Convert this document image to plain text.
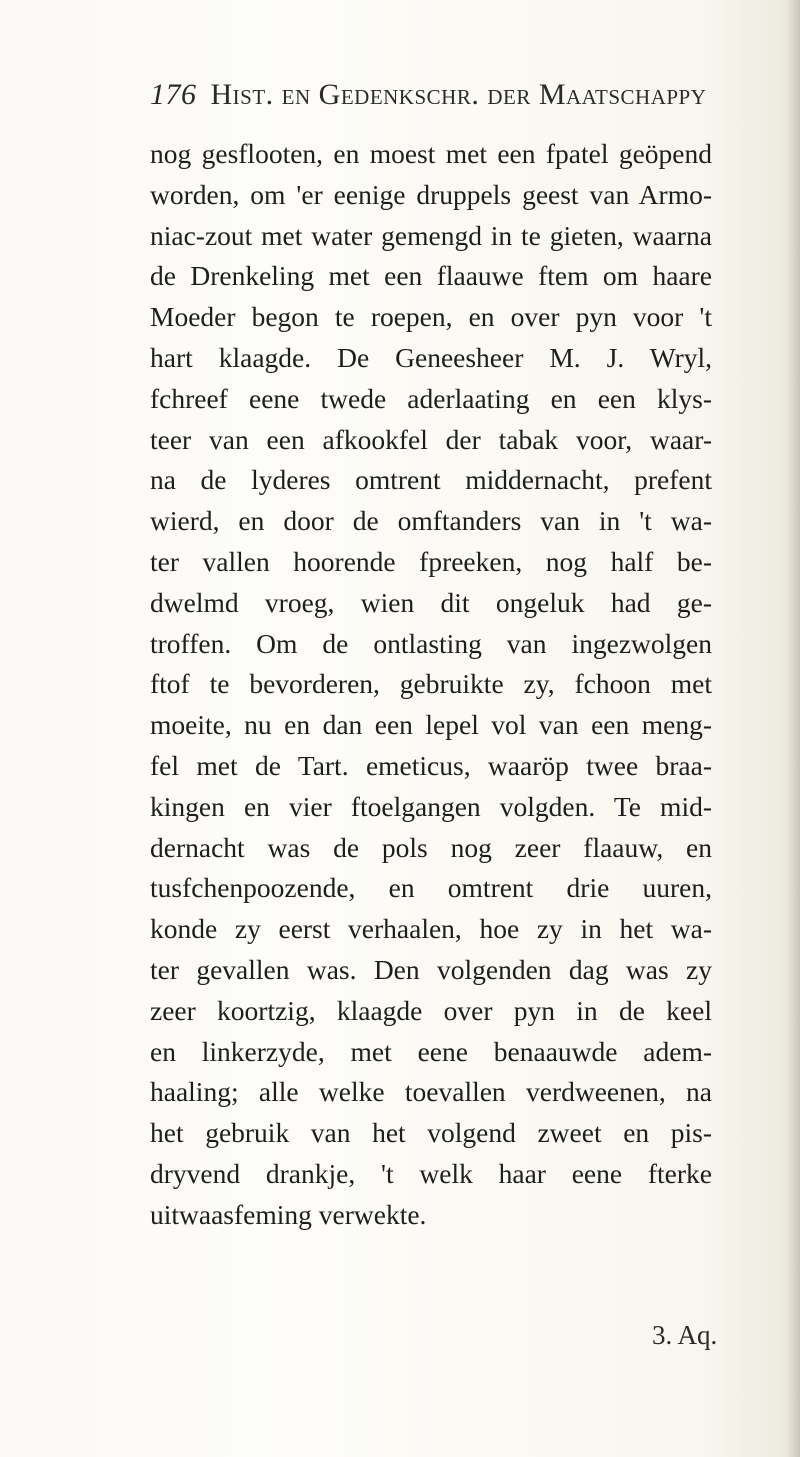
176 Hist. en Gedenkschr. der Maatschappy
nog gesflooten, en moest met een fpatel geöpend
worden, om 'er eenige druppels geest van Armo-
niac-zout met water gemengd in te gieten, waarna
de Drenkeling met een flaauwe ftem om haare
Moeder begon te roepen, en over pyn voor 't
hart klaagde. De Geneesheer M. J. Wryl,
fchreef eene twede aderlaating en een klys-
teer van een afkookfel der tabak voor, waar-
na de lyderes omtrent middernacht, prefent
wierd, en door de omftanders van in 't wa-
ter vallen hoorende fpreeken, nog half be-
dwelmd vroeg, wien dit ongeluk had ge-
troffen. Om de ontlasting van ingezwolgen
ftof te bevorderen, gebruikte zy, fchoon met
moeite, nu en dan een lepel vol van een meng-
fel met de Tart. emeticus, waaröp twee braa-
kingen en vier ftoelgangen volgden. Te mid-
dernacht was de pols nog zeer flaauw, en
tusfchenpoozende, en omtrent drie uuren,
konde zy eerst verhaalen, hoe zy in het wa-
ter gevallen was. Den volgenden dag was zy
zeer koortzig, klaagde over pyn in de keel
en linkerzyde, met eene benaauwde adem-
haaling; alle welke toevallen verdweenen, na
het gebruik van het volgend zweet en pis-
dryvend drankje, 't welk haar eene fterke
uitwaasfeming verwekte.
3. Aq.
